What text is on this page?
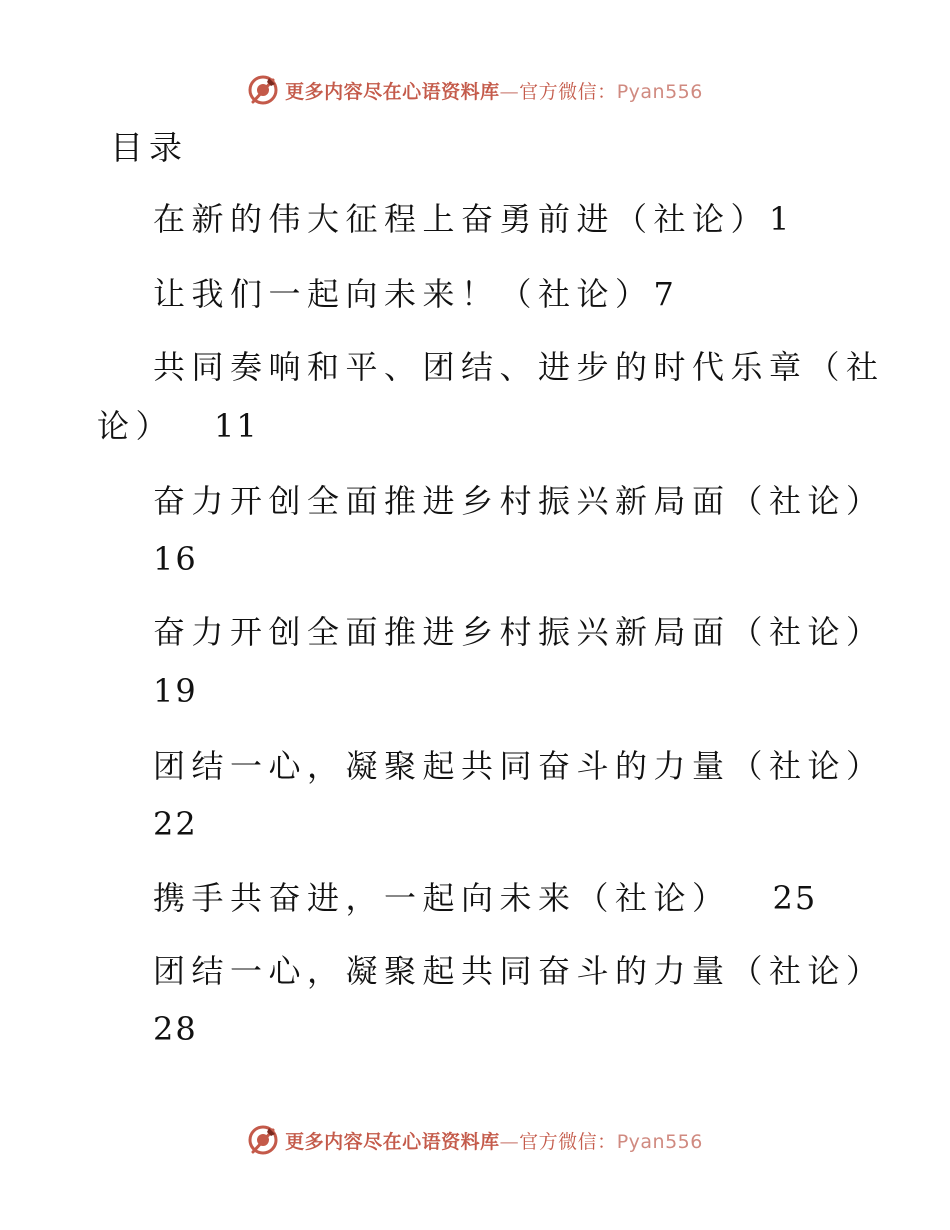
更多内容尽在心语资料库—官方微信：Pyan556
目录
在新的伟大征程上奋勇前进（社论）1
让我们一起向未来！（社论）7
共同奏响和平、团结、进步的时代乐章（社
论） 11
奋力开创全面推进乡村振兴新局面（社论）
16
奋力开创全面推进乡村振兴新局面（社论）
19
团结一心，凝聚起共同奋斗的力量（社论）
22
携手共奋进，一起向未来（社论） 25
团结一心，凝聚起共同奋斗的力量（社论）
28
更多内容尽在心语资料库—官方微信：Pyan556
